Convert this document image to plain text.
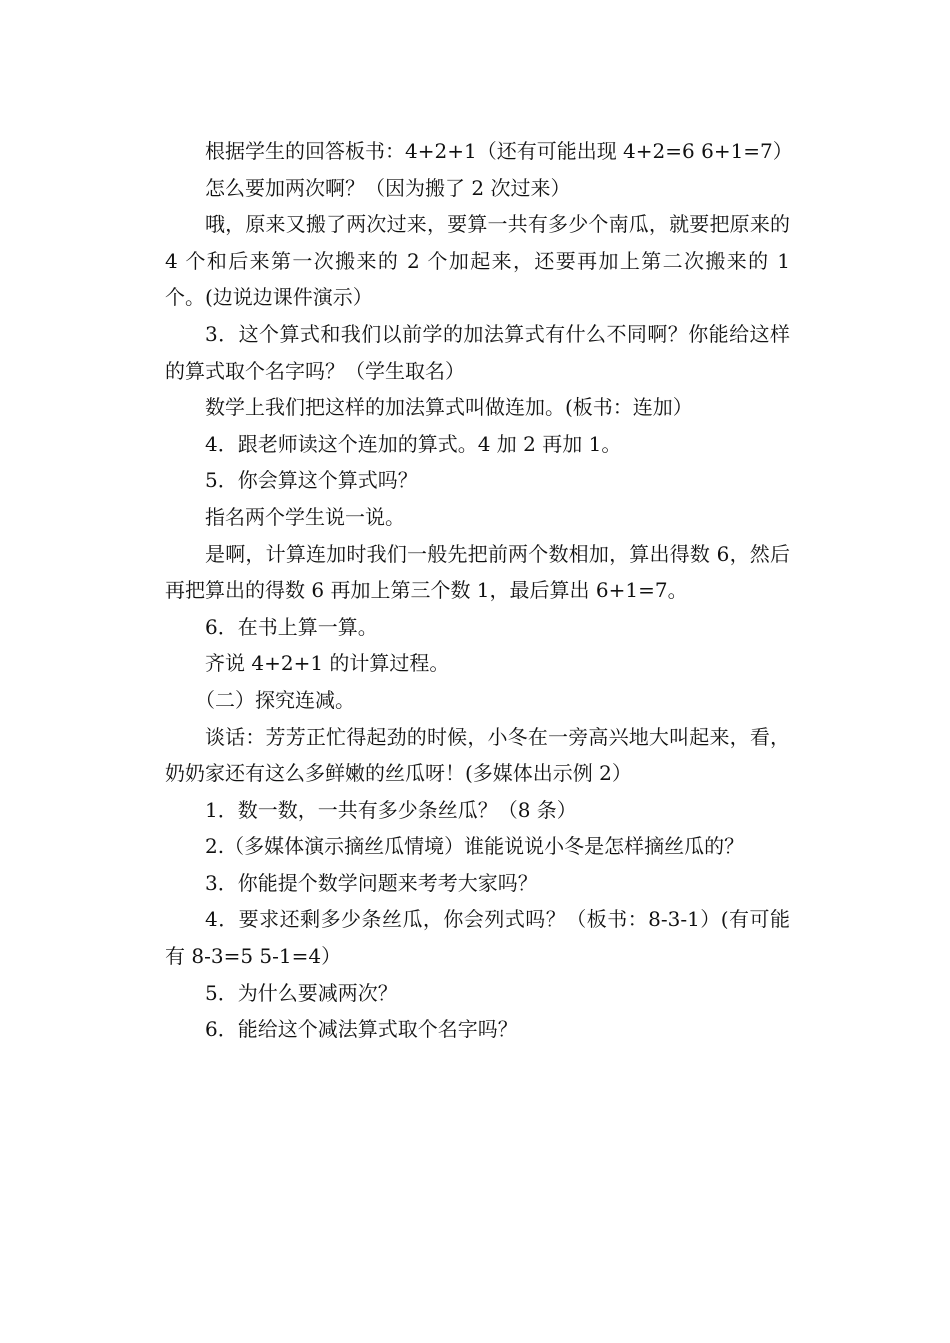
根据学生的回答板书：4+2+1（还有可能出现 4+2=6 6+1=7）

怎么要加两次啊？（因为搬了 2 次过来）

哦，原来又搬了两次过来，要算一共有多少个南瓜，就要把原来的 4 个和后来第一次搬来的 2 个加起来，还要再加上第二次搬来的 1 个。(边说边课件演示）

3．这个算式和我们以前学的加法算式有什么不同啊？你能给这样的算式取个名字吗？（学生取名）

数学上我们把这样的加法算式叫做连加。(板书：连加）

4．跟老师读这个连加的算式。4 加 2 再加 1。

5．你会算这个算式吗？

指名两个学生说一说。

是啊，计算连加时我们一般先把前两个数相加，算出得数 6，然后再把算出的得数 6 再加上第三个数 1，最后算出 6+1=7。

6．在书上算一算。

齐说 4+2+1 的计算过程。

（二）探究连减。

谈话：芳芳正忙得起劲的时候，小冬在一旁高兴地大叫起来，看，奶奶家还有这么多鲜嫩的丝瓜呀！(多媒体出示例 2）

1．数一数，一共有多少条丝瓜？（8 条）

2.（多媒体演示摘丝瓜情境）谁能说说小冬是怎样摘丝瓜的？

3．你能提个数学问题来考考大家吗？

4．要求还剩多少条丝瓜，你会列式吗？（板书：8-3-1）(有可能有 8-3=5 5-1=4）

5．为什么要减两次？

6．能给这个减法算式取个名字吗？
